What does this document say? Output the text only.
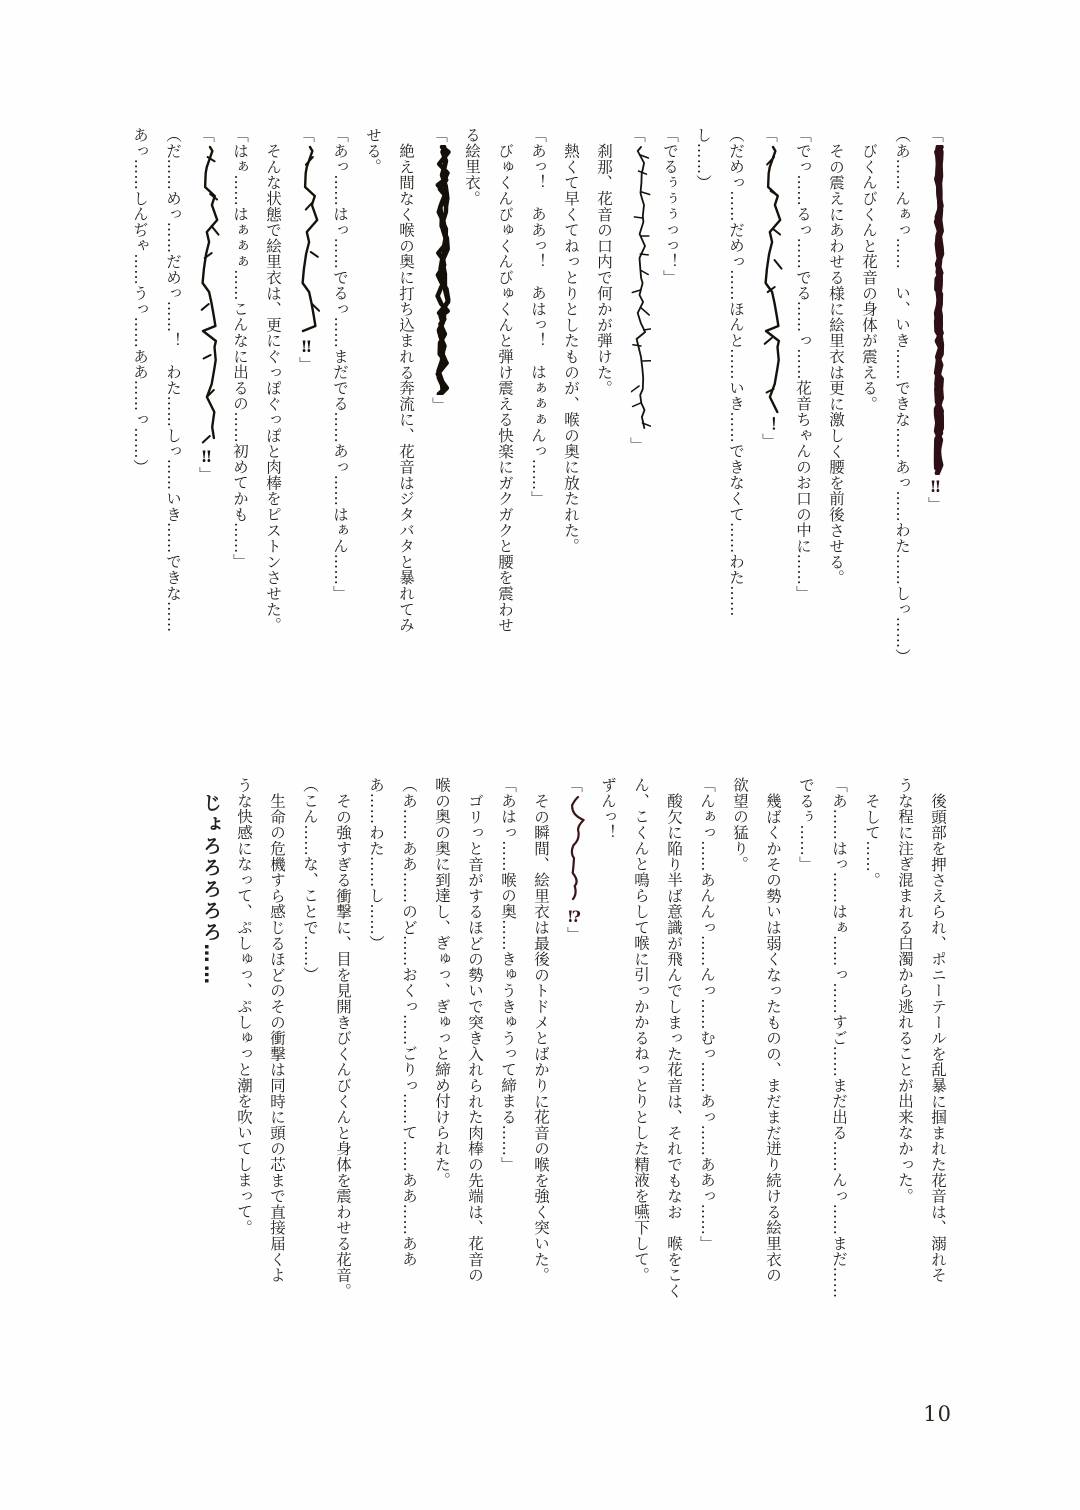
「‼」
（あ……んぁっ……　い、いき……できな……あっ……わた……しっ……）
びくんびくんと花音の身体が震える。
その震えにあわせる様に絵里衣は更に激しく腰を前後させる。
「でっ……るっ……でる……っ……花音ちゃんのお口の中に……」
「！」
（だめっ……だめっ……ほんと……いき……できなくて……わた……
し……）
「でるぅぅぅっっ！」
「」
刹那、花音の口内で何かが弾けた。
熱くて早くてねっとりとしたものが、喉の奥に放たれた。
「あっ！　ああっ！　あはっ！　はぁぁぁんっ……」
びゅくんびゅくんびゅくんと弾け震える快楽にガクガクと腰を震わせ
る絵里衣。
「」
絶え間なく喉の奥に打ち込まれる奔流に、花音はジタバタと暴れてみ
せる。
「あっ……はっ……でるっ……まだでる……あっ……はぁん……」
「‼」
そんな状態で絵里衣は、更にぐっぽぐっぽと肉棒をピストンさせた。
「はぁ……はぁぁぁ……こんなに出るの……初めてかも……」
「‼」
（だ……めっ……だめっ……！　わた……しっ……いき……できな……
あっ……しんぢゃ……うっ……ああ……っ……）
後頭部を押さえられ、ポニーテールを乱暴に掴まれた花音は、溺れそ
うな程に注ぎ混まれる白濁から逃れることが出来なかった。
そして……。
「あ……はっ……はぁ……っ……すご……まだ出る……んっ……まだ……
でるぅ……」
幾ばくかその勢いは弱くなったものの、まだまだ迸り続ける絵里衣の
欲望の猛り。
「んぁっ……あんんっ……んっ……むっ……あっ……ああっ……」
酸欠に陥り半ば意識が飛んでしまった花音は、それでもなお　喉をこく
ん、こくんと鳴らして喉に引っかかるねっとりとした精液を嚥下して。
ずんっ！
「⁉」
その瞬間、絵里衣は最後のトドメとばかりに花音の喉を強く突いた。
「あはっ……喉の奥……きゅうきゅうって締まる……」
ゴリっと音がするほどの勢いで突き入れられた肉棒の先端は、花音の
喉の奥の奥に到達し、ぎゅっ、ぎゅっと締め付けられた。
（あ……ああ……のど……おくっ……ごりっ……て……ああ……ああ
あ……わた……し……）
その強すぎる衝撃に、目を見開きびくんびくんと身体を震わせる花音。
（こん……な、ことで……）
生命の危機すら感じるほどのその衝撃は同時に頭の芯まで直接届くよ
うな快感になって、ぷしゅっ、ぷしゅっと潮を吹いてしまって。
じょろろろろろ……
10
